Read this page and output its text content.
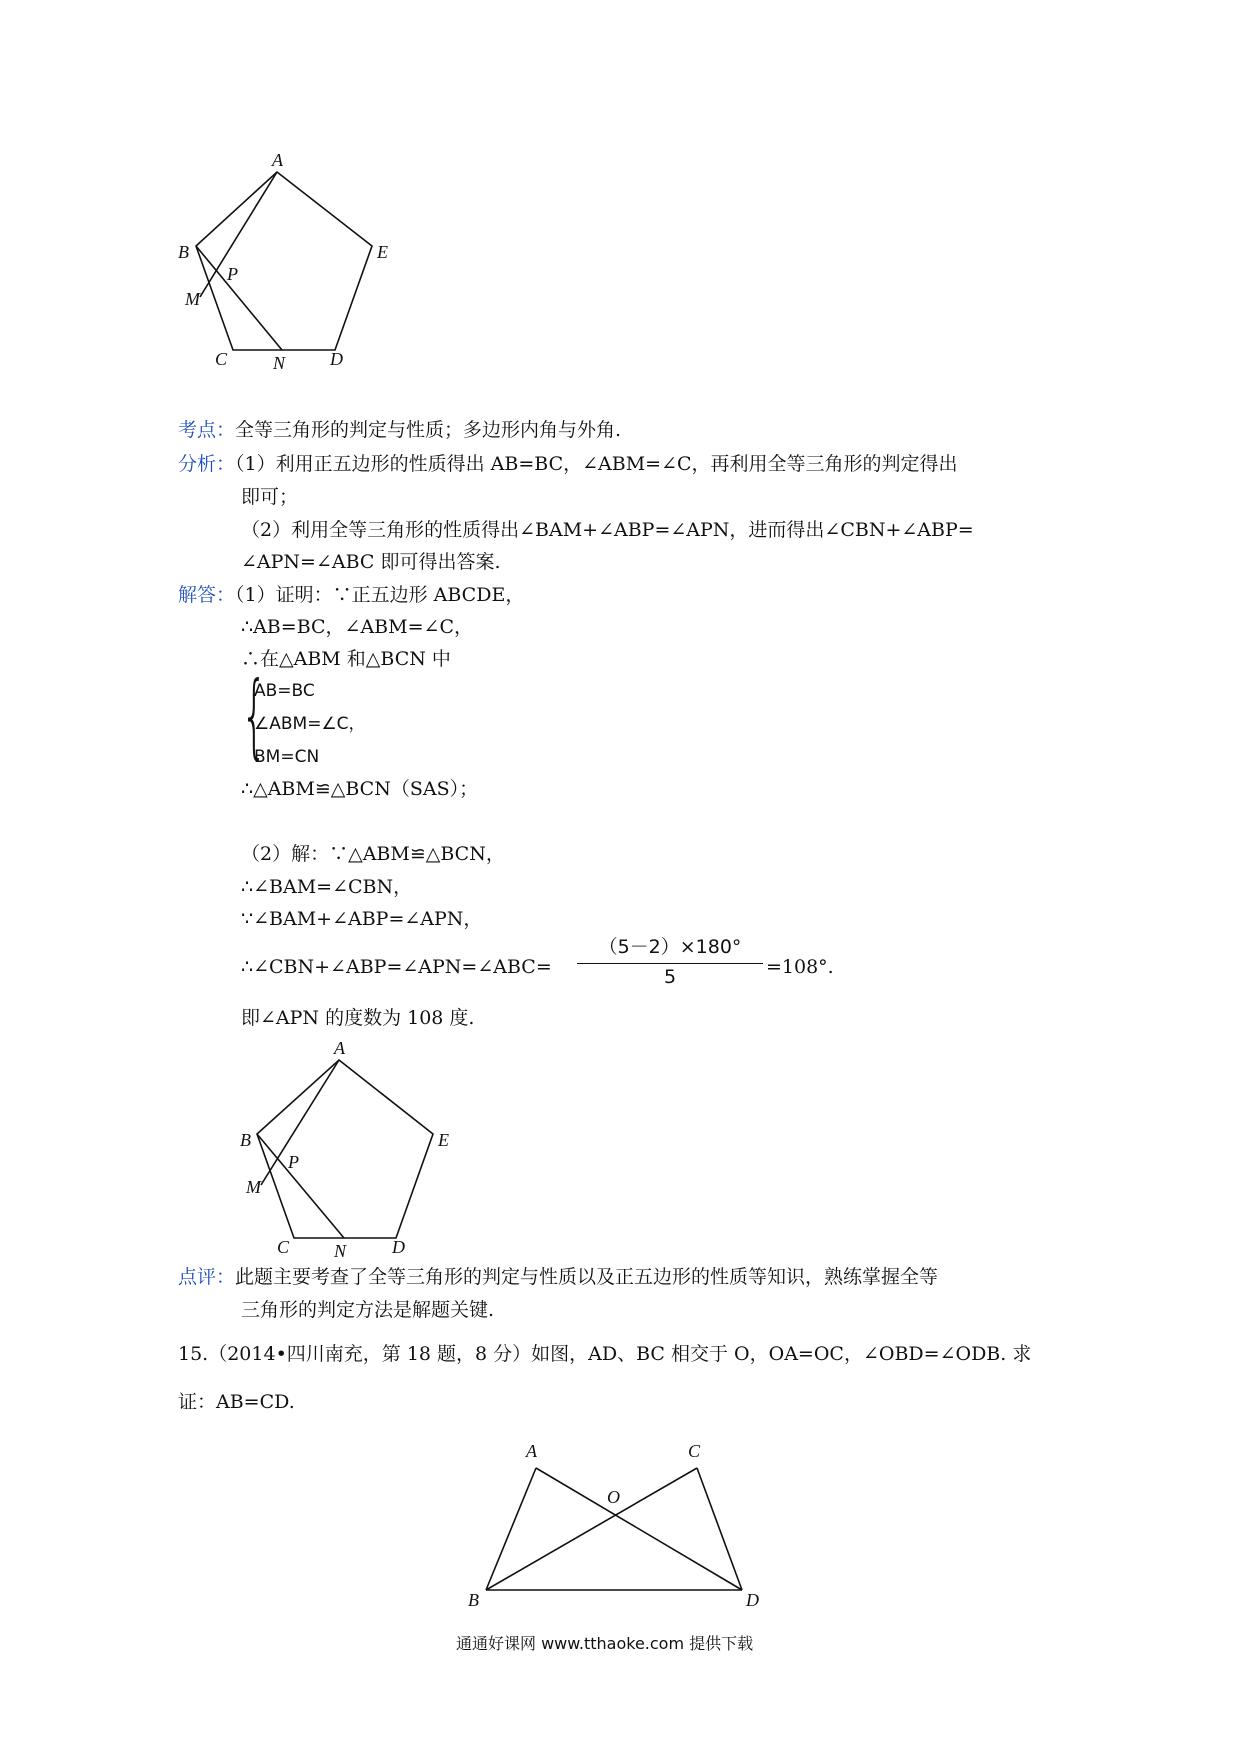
A
B	E
P
M
C	N D
考点：全等三角形的判定与性质；多边形内角与外角.
分析：（1）利用正五边形的性质得出 AB=BC，∠ABM=∠C，再利用全等三角形的判定得出
即可；
（2）利用全等三角形的性质得出∠BAM+∠ABP=∠APN，进而得出∠CBN+∠ABP=
∠APN=∠ABC 即可得出答案.
解答：（1）证明：∵正五边形 ABCDE，
∴AB=BC，∠ABM=∠C，
∴在△ABM 和△BCN 中
{
AB=BC
∠ABM=∠C，
BM=CN
∴△ABM≌△BCN（SAS）；
（2）解：∵△ABM≌△BCN，
∴∠BAM=∠CBN，
∵∠BAM+∠ABP=∠APN，
∴∠CBN+∠ABP=∠APN=∠ABC=
（5－2）×180°
5	=108°.
即∠APN 的度数为 108 度.
A
B	E
P
M
C N	D
点评：此题主要考查了全等三角形的判定与性质以及正五边形的性质等知识，熟练掌握全等
三角形的判定方法是解题关键.
15.（2014•四川南充，第 18 题，8 分）如图，AD、BC 相交于 O，OA=OC，∠OBD=∠ODB. 求
证：AB=CD.
A	C
O
B	D
通通好课网 www.tthaoke.com 提供下载
